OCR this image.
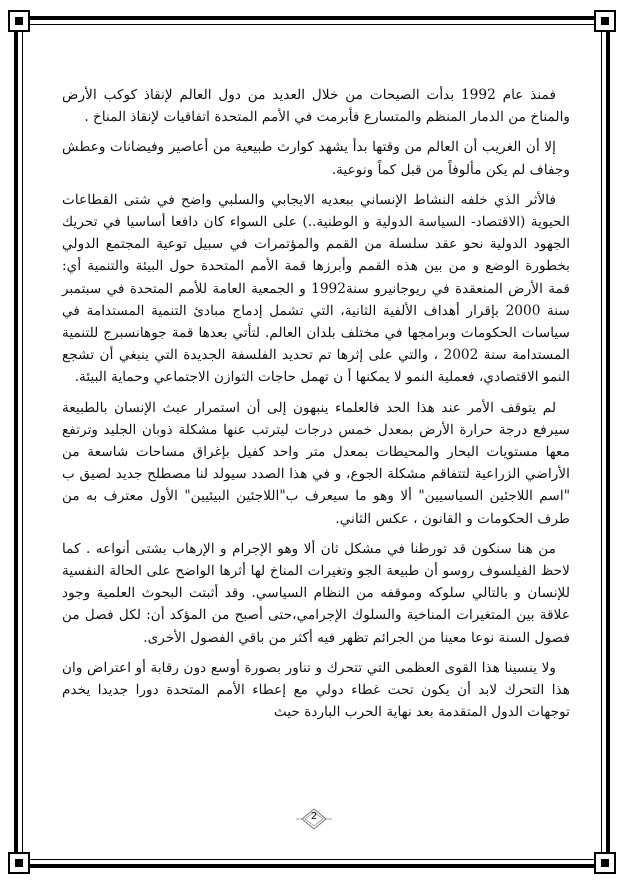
فمنذ عام 1992 بدأت الصيحات من خلال العديد من دول العالم لإنقاذ كوكب الأرض والمناخ من الدمار المنظم والمتسارع فأبرمت في الأمم المتحدة اتفاقيات لإنقاذ المناخ .

إلا أن الغريب أن العالم من وقتها بدأ يشهد كوارث طبيعية من أعاصير وفيضانات وعطش وجفاف لم يكن مألوفاً من قبل كماً ونوعية.

فالأثر الذي خلفه النشاط الإنساني ببعديه الايجابي والسلبي واضح في شتى القطاعات الحيوية (الاقتصاد- السياسة الدولية و الوطنية..) على السواء كان دافعا أساسيا في تحريك الجهود الدولية نحو عقد سلسلة من القمم والمؤتمرات في سبيل توعية المجتمع الدولي بخطورة الوضع و من بين هذه القمم وأبرزها قمة الأمم المتحدة حول البيئة والتنمية أي: قمة الأرض المنعقدة في ريوجانيرو سنة1992 و الجمعية العامة للأمم المتحدة في سبتمبر سنة 2000 بإقرار أهداف الألفية الثانية، التي تشمل إدماج مبادئ التنمية المستدامة في سياسات الحكومات وبرامجها في مختلف بلدان العالم. لتأتي بعدها قمة جوهانسبرج للتنمية المستدامة سنة 2002 ، والتي على إثرها تم تحديد الفلسفة الجديدة التي ينبغي أن تشجع النمو الاقتصادي، فعملية النمو لا يمكنها أ ن تهمل حاجات التوازن الاجتماعي وحماية البيئة.

لم يتوقف الأمر عند هذا الحد فالعلماء ينبهون إلى أن استمرار عبث الإنسان بالطبيعة سيرفع درجة حرارة الأرض بمعدل خمس درجات ليترتب عنها مشكلة ذوبان الجليد وترتفع معها مستويات البحار والمحيطات بمعدل متر واحد كفيل بإغراق مساحات شاسعة من الأراضي الزراعية لتتفاقم مشكلة الجوع، و في هذا الصدد سيولد لنا مصطلح جديد لصيق ب "اسم اللاجئين السياسيين" ألا وهو ما سيعرف ب"اللاجئين البيئيين" الأول معترف به من طرف الحكومات و القانون ، عكس الثاني.

من هنا سنكون قد تورطنا في مشكل ثان ألا وهو الإجرام و الإرهاب بشتى أنواعه . كما لاحظ الفيلسوف روسو أن طبيعة الجو وتغيرات المناخ لها أثرها الواضح على الحالة النفسية للإنسان و بالتالي سلوكه وموقفه من النظام السياسي. وقد أثبتت البحوث العلمية وجود علاقة بين المتغيرات المناخية والسلوك الإجرامي،حتى أصبح من المؤكد أن: لكل فصل من فصول السنة نوعا معينا من الجرائم تظهر فيه أكثر من باقي الفصول الأخرى.

ولا ينسينا هذا القوى العظمى التي تتحرك و تناور بصورة أوسع دون رقابة أو اعتراض وان هذا التحرك لابد أن يكون تحت غطاء دولي مع إعطاء الأمم المتحدة دورا جديدا يخدم توجهات الدول المتقدمة بعد نهاية الحرب الباردة حيث

2
